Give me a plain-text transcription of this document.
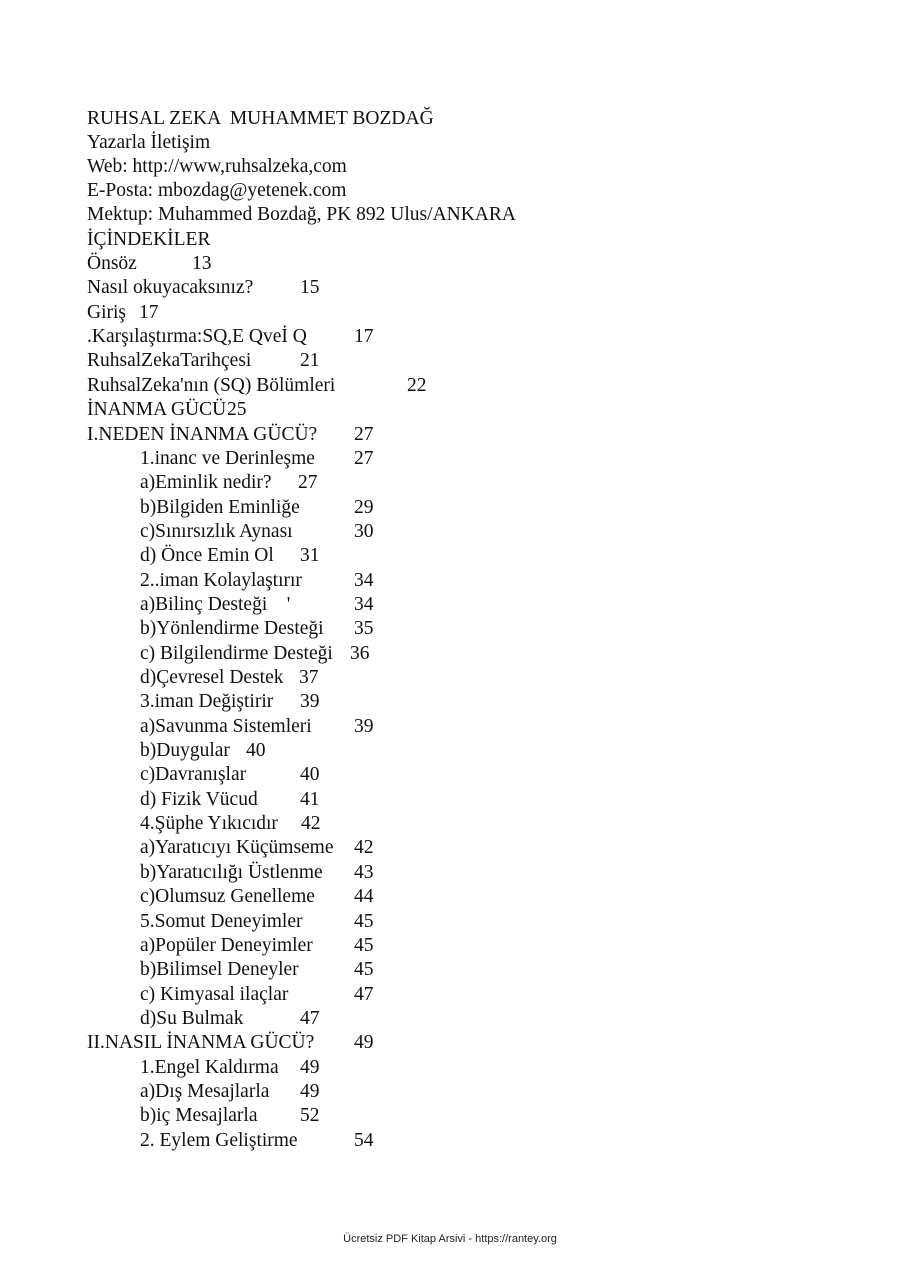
RUHSAL ZEKA  MUHAMMET BOZDAĞ
Yazarla İletişim
Web: http://www,ruhsalzeka,com
E-Posta: mbozdag@yetenek.com
Mektup: Muhammed Bozdağ, PK 892 Ulus/ANKARA
İÇİNDEKİLER
Önsöz	13
Nasıl okuyacaksınız? 15
Giriş 17
.Karşılaştırma:SQ,E Qveİ Q 17
RuhsalZekaTarihçesi 21
RuhsalZeka'nın (SQ) Bölümleri	22
İNANMA GÜCÜ 25
I.NEDEN İNANMA GÜCÜ? 27
1.inanc ve Derinleşme 27
a)Eminlik nedir? 27
b)Bilgiden Eminliğe	29
c)Sınırsızlık Aynası	30
d) Önce Emin Ol 31
2..iman Kolaylaştırır	34
a)Bilinç Desteği    '	34
b)Yönlendirme Desteği 35
c) Bilgilendirme Desteği 36
d)Çevresel Destek 37
3.iman Değiştirir 39
a)Savunma Sistemleri 39
b)Duygular 40
c)Davranışlar	40
d) Fizik Vücud 41
4.Şüphe Yıkıcıdır 42
a)Yaratıcıyı Küçümseme 42
b)Yaratıcılığı Üstlenme 43
c)Olumsuz Genelleme 44
5.Somut Deneyimler	45
a)Popüler Deneyimler 45
b)Bilimsel Deneyler	45
c) Kimyasal ilaçlar	47
d)Su Bulmak	47
II.NASIL İNANMA GÜCÜ? 49
1.Engel Kaldırma 49
a)Dış Mesajlarla 49
b)iç Mesajlarla 52
2. Eylem Geliştirme	54
Ücretsiz PDF Kitap Arsivi - https://rantey.org
